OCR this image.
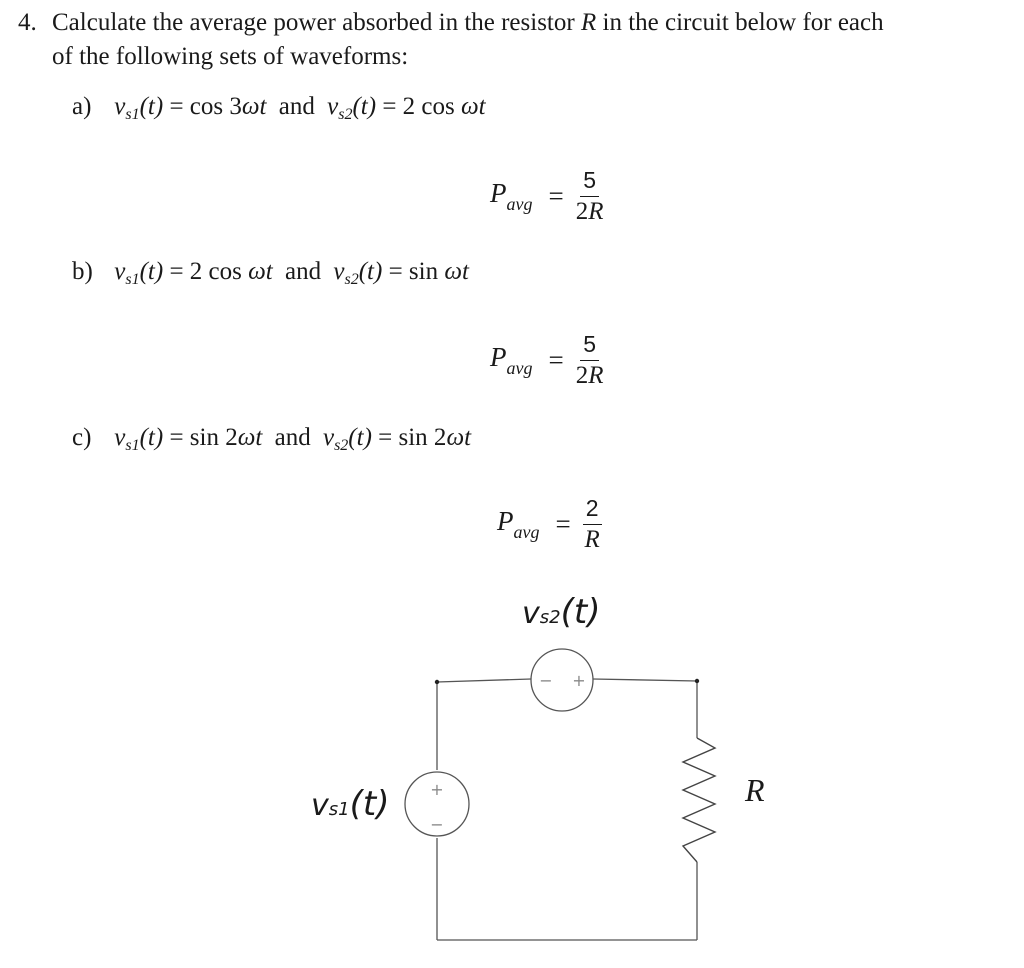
4. Calculate the average power absorbed in the resistor R in the circuit below for each
of the following sets of waveforms:
a) $v_{s1}(t) = \cos 3\omega t$ and $v_{s2}(t) = 2$ cos ωt
$P_{avg} = \frac{5}{2R}$
b) $v_{s1}(t) = 2$ cos ωt and $v_{s2}(t) = \sin \omega t$
$P_{avg} = \frac{5}{2R}$
c) $v_{s1}(t) = \sin 2\omega t$ and $v_{s2}(t) = \sin 2\omega t$
$P_{avg} = \frac{2}{R}$
− +
+
−
vs2(t)
vs1(t)	R
